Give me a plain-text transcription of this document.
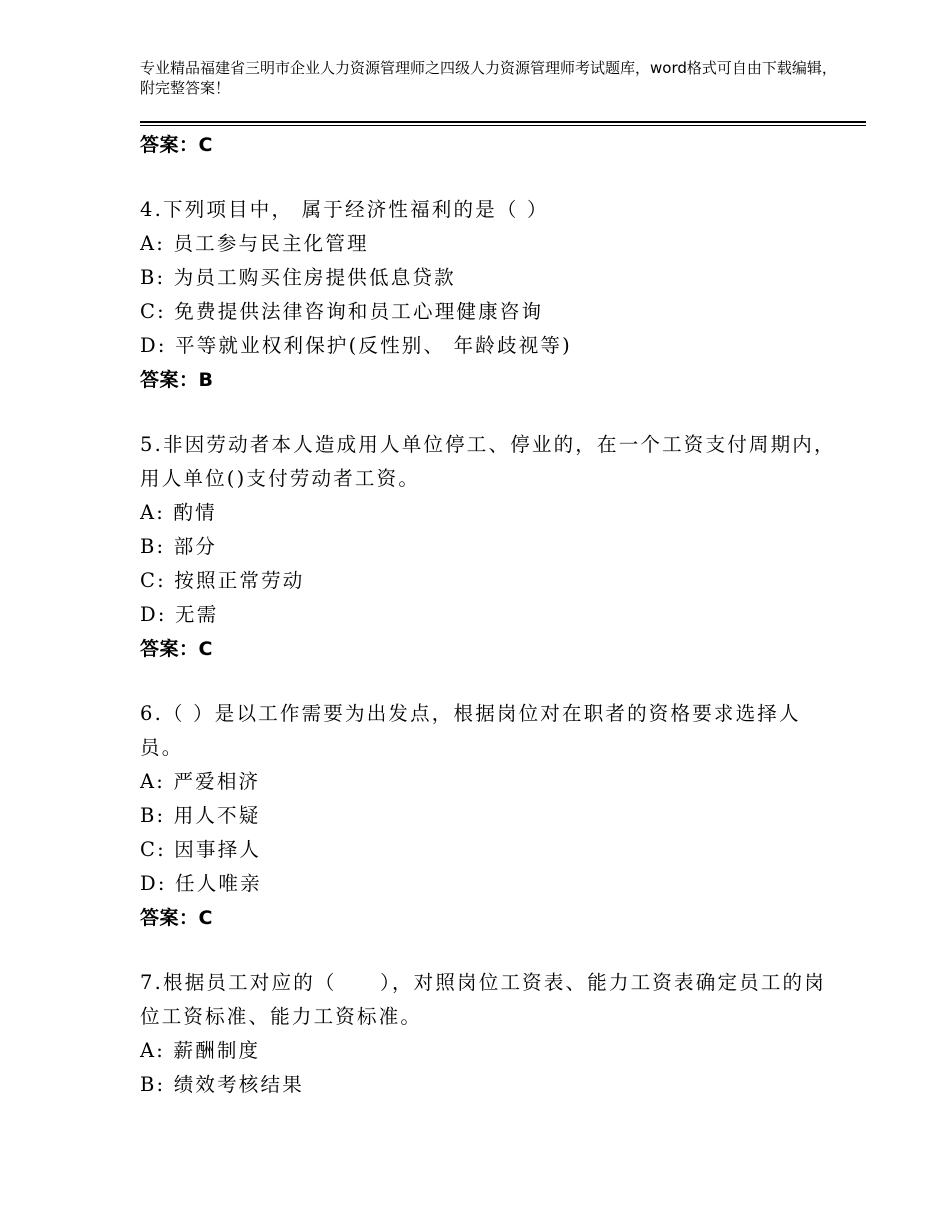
专业精品福建省三明市企业人力资源管理师之四级人力资源管理师考试题库，word格式可自由下载编辑，附完整答案！
答案：C
4.下列项目中， 属于经济性福利的是（ ）
A: 员工参与民主化管理
B: 为员工购买住房提供低息贷款
C: 免费提供法律咨询和员工心理健康咨询
D: 平等就业权利保护(反性别、 年龄歧视等)
答案：B
5.非因劳动者本人造成用人单位停工、停业的，在一个工资支付周期内，用人单位()支付劳动者工资。
A: 酌情
B: 部分
C: 按照正常劳动
D: 无需
答案：C
6.（ ）是以工作需要为出发点，根据岗位对在职者的资格要求选择人员。
A: 严爱相济
B: 用人不疑
C: 因事择人
D: 任人唯亲
答案：C
7.根据员工对应的（　　），对照岗位工资表、能力工资表确定员工的岗位工资标准、能力工资标准。
A: 薪酬制度
B: 绩效考核结果
